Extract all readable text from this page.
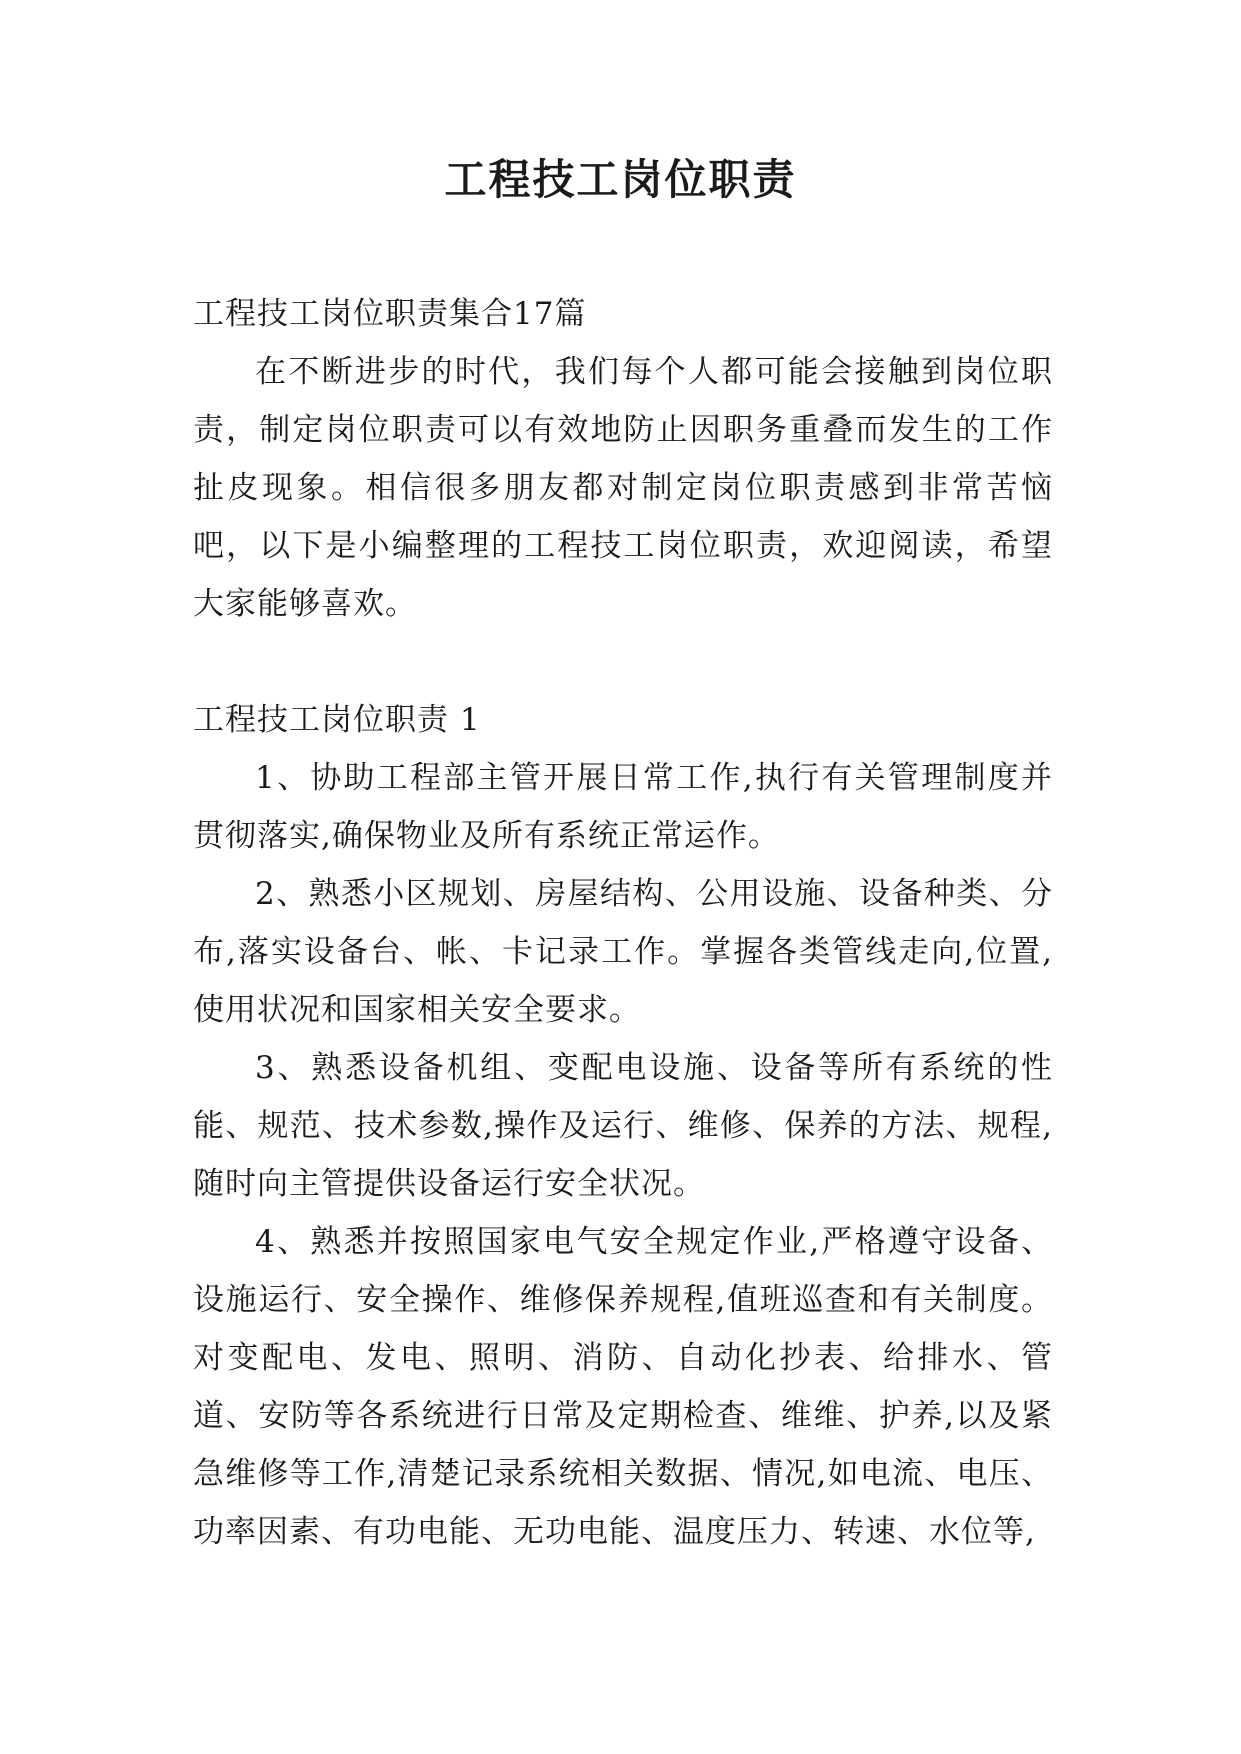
工程技工岗位职责

工程技工岗位职责集合17篇

在不断进步的时代，我们每个人都可能会接触到岗位职责，制定岗位职责可以有效地防止因职务重叠而发生的工作扯皮现象。相信很多朋友都对制定岗位职责感到非常苦恼吧，以下是小编整理的工程技工岗位职责，欢迎阅读，希望大家能够喜欢。

工程技工岗位职责 1

1、协助工程部主管开展日常工作,执行有关管理制度并贯彻落实,确保物业及所有系统正常运作。

2、熟悉小区规划、房屋结构、公用设施、设备种类、分布,落实设备台、帐、卡记录工作。掌握各类管线走向,位置,使用状况和国家相关安全要求。

3、熟悉设备机组、变配电设施、设备等所有系统的性能、规范、技术参数,操作及运行、维修、保养的方法、规程,随时向主管提供设备运行安全状况。

4、熟悉并按照国家电气安全规定作业,严格遵守设备、设施运行、安全操作、维修保养规程,值班巡查和有关制度。对变配电、发电、照明、消防、自动化抄表、给排水、管道、安防等各系统进行日常及定期检查、维维、护养,以及紧急维修等工作,清楚记录系统相关数据、情况,如电流、电压、功率因素、有功电能、无功电能、温度压力、转速、水位等,
